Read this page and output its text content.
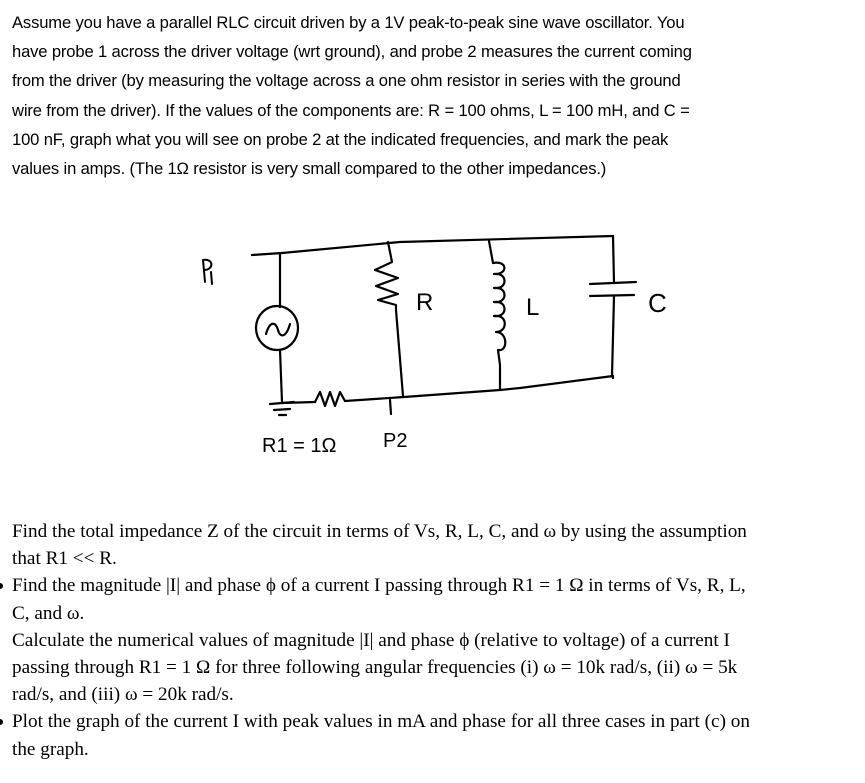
Assume you have a parallel RLC circuit driven by a 1V peak-to-peak sine wave oscillator. You
have probe 1 across the driver voltage (wrt ground), and probe 2 measures the current coming
from the driver (by measuring the voltage across a one ohm resistor in series with the ground
wire from the driver). If the values of the components are: R = 100 ohms, L = 100 mH, and C =
100 nF, graph what you will see on probe 2 at the indicated frequencies, and mark the peak
values in amps. (The 1Ω resistor is very small compared to the other impedances.)
P1
R	L	C
P2
R1 = 1Ω
Find the total impedance Z of the circuit in terms of Vs, R, L, C, and ω by using the assumption
that R1 << R.
Find the magnitude |I| and phase ϕ of a current I passing through R1 = 1 Ω in terms of Vs, R, L,
C, and ω.
Calculate the numerical values of magnitude |I| and phase ϕ (relative to voltage) of a current I
passing through R1 = 1 Ω for three following angular frequencies (i) ω = 10k rad/s, (ii) ω = 5k
rad/s, and (iii) ω = 20k rad/s.
Plot the graph of the current I with peak values in mA and phase for all three cases in part (c) on
the graph.
